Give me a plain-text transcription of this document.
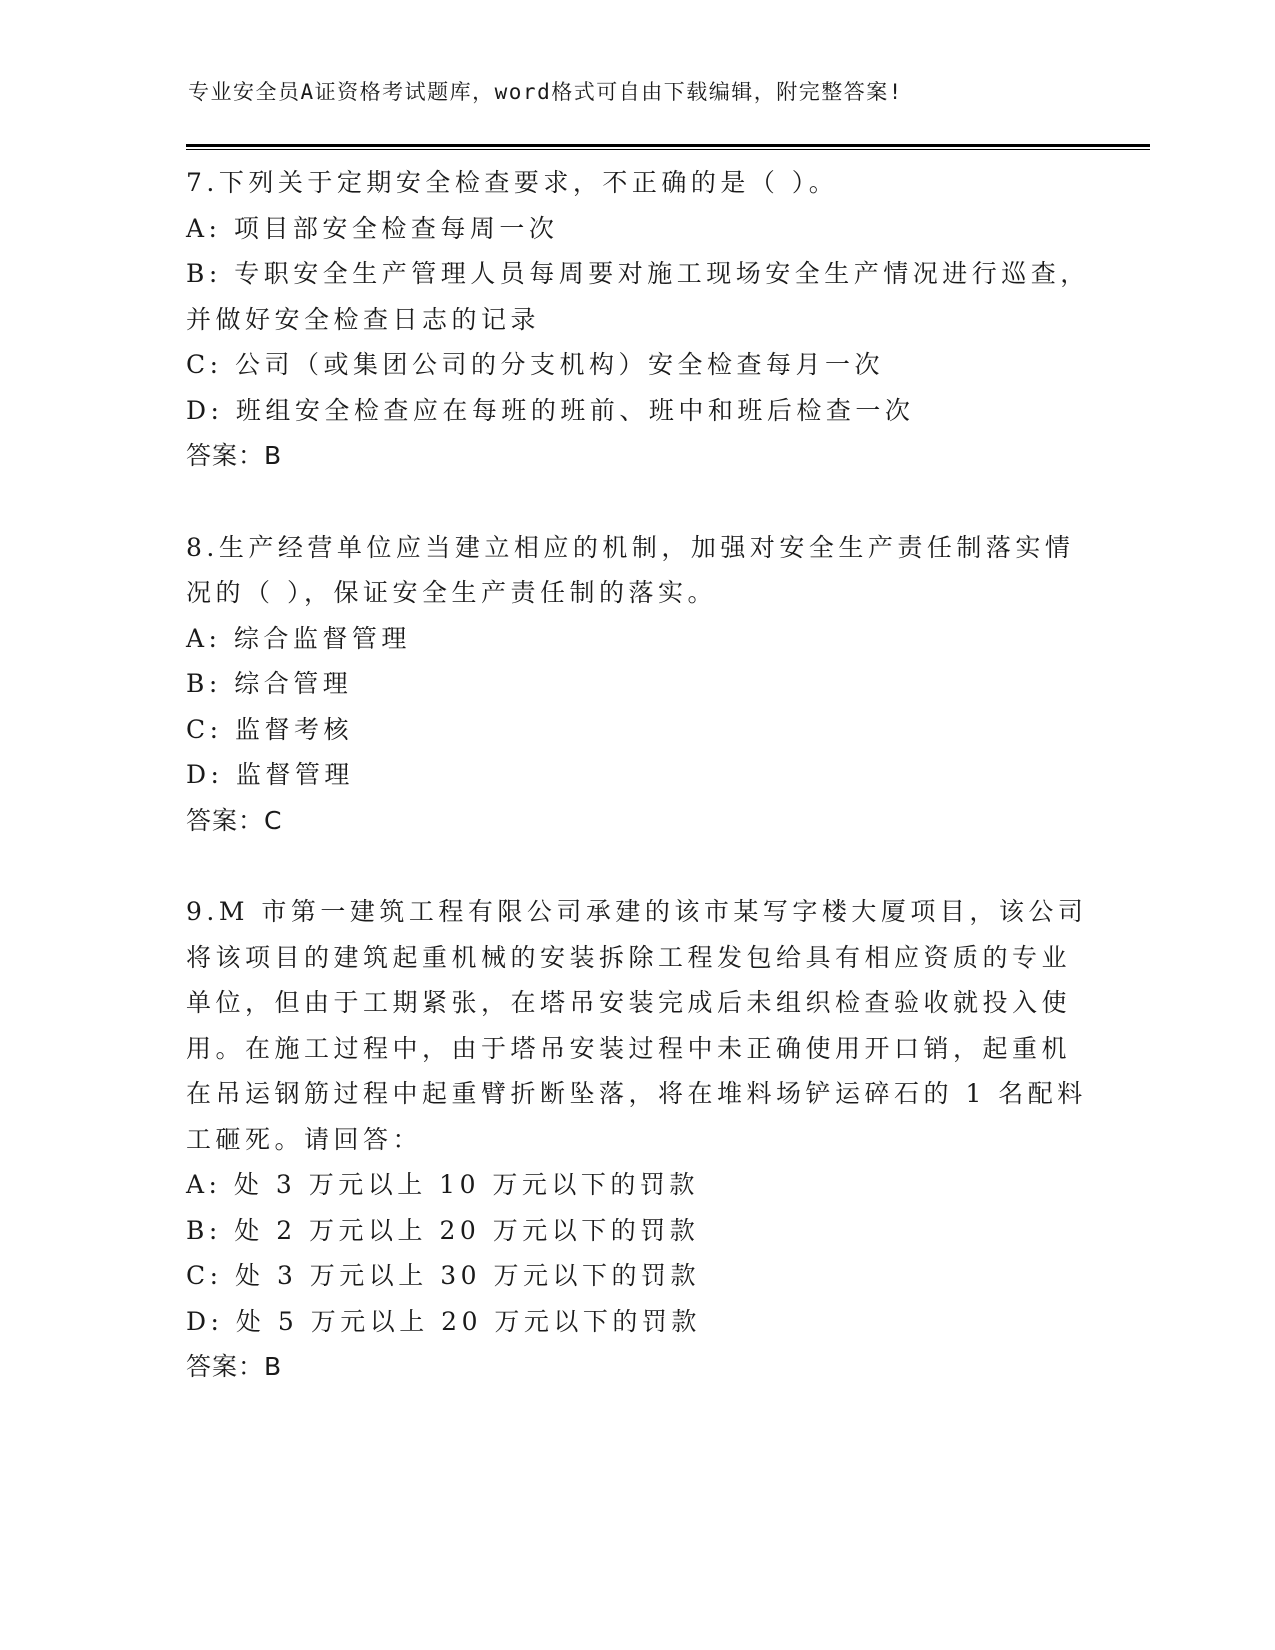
专业安全员A证资格考试题库，word格式可自由下载编辑，附完整答案!
7.下列关于定期安全检查要求，不正确的是（ ）。
A: 项目部安全检查每周一次
B: 专职安全生产管理人员每周要对施工现场安全生产情况进行巡查，
并做好安全检查日志的记录
C: 公司（或集团公司的分支机构）安全检查每月一次
D: 班组安全检查应在每班的班前、班中和班后检查一次
答案：B
8.生产经营单位应当建立相应的机制，加强对安全生产责任制落实情
况的（ ），保证安全生产责任制的落实。
A: 综合监督管理
B: 综合管理
C: 监督考核
D: 监督管理
答案：C
9.M 市第一建筑工程有限公司承建的该市某写字楼大厦项目，该公司
将该项目的建筑起重机械的安装拆除工程发包给具有相应资质的专业
单位，但由于工期紧张，在塔吊安装完成后未组织检查验收就投入使
用。在施工过程中，由于塔吊安装过程中未正确使用开口销，起重机
在吊运钢筋过程中起重臂折断坠落，将在堆料场铲运碎石的 1 名配料
工砸死。请回答：
A: 处 3 万元以上 10 万元以下的罚款
B: 处 2 万元以上 20 万元以下的罚款
C: 处 3 万元以上 30 万元以下的罚款
D: 处 5 万元以上 20 万元以下的罚款
答案：B
